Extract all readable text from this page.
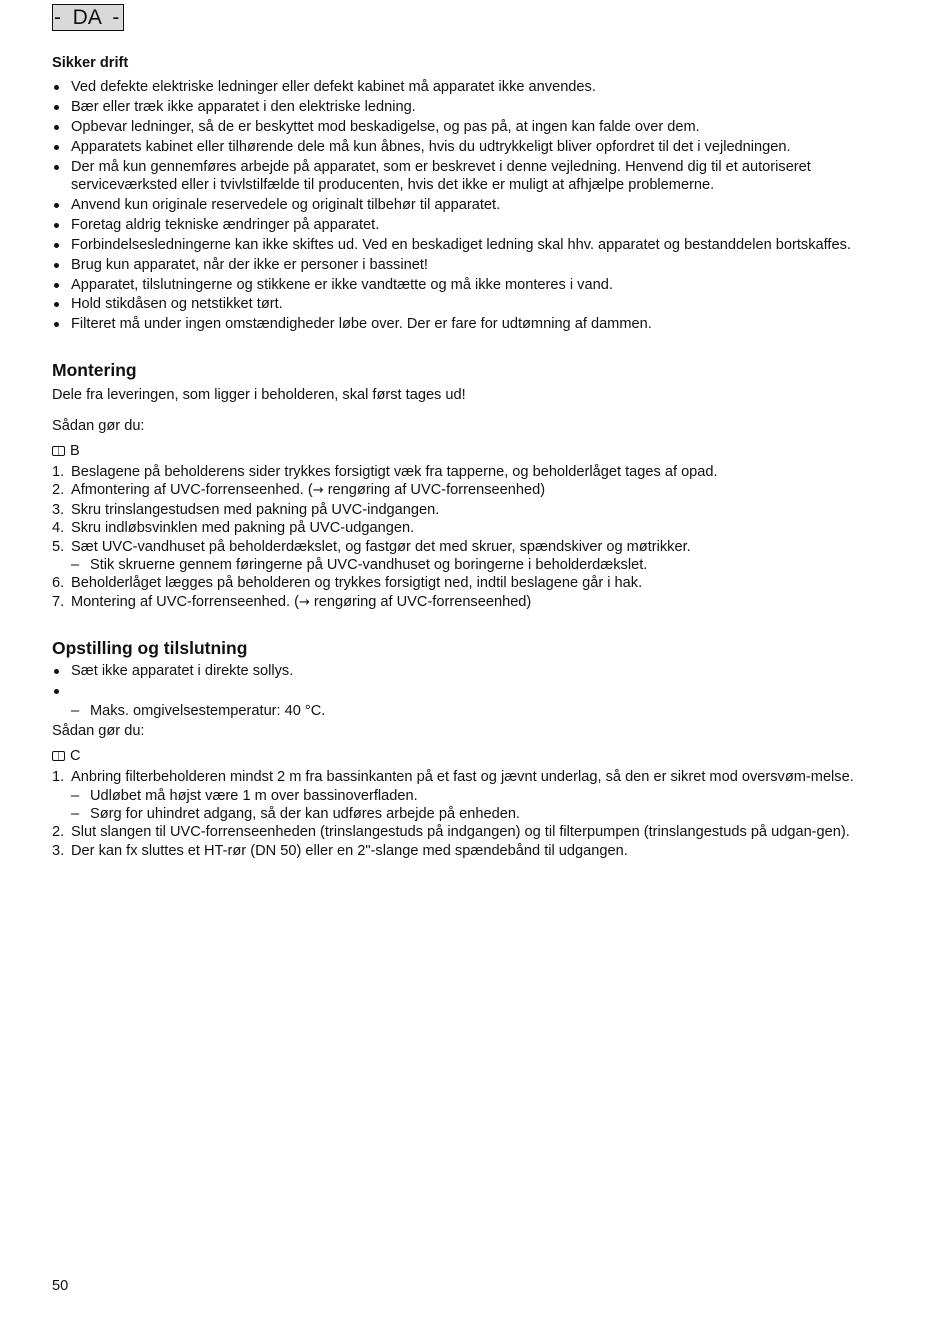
-  DA  -
Sikker drift
Ved defekte elektriske ledninger eller defekt kabinet må apparatet ikke anvendes.
Bær eller træk ikke apparatet i den elektriske ledning.
Opbevar ledninger, så de er beskyttet mod beskadigelse, og pas på, at ingen kan falde over dem.
Apparatets kabinet eller tilhørende dele må kun åbnes, hvis du udtrykkeligt bliver opfordret til det i vejledningen.
Der må kun gennemføres arbejde på apparatet, som er beskrevet i denne vejledning. Henvend dig til et autoriseret serviceværksted eller i tvivlstilfælde til producenten, hvis det ikke er muligt at afhjælpe problemerne.
Anvend kun originale reservedele og originalt tilbehør til apparatet.
Foretag aldrig tekniske ændringer på apparatet.
Forbindelsesledningerne kan ikke skiftes ud. Ved en beskadiget ledning skal hhv. apparatet og bestanddelen bortskaffes.
Brug kun apparatet, når der ikke er personer i bassinet!
Apparatet, tilslutningerne og stikkene er ikke vandtætte og må ikke monteres i vand.
Hold stikdåsen og netstikket tørt.
Filteret må under ingen omstændigheder løbe over. Der er fare for udtømning af dammen.
Montering

Dele fra leveringen, som ligger i beholderen, skal først tages ud!

Sådan gør du:

B
1. Beslagene på beholderens sider trykkes forsigtigt væk fra tapperne, og beholderlåget tages af opad.
2. Afmontering af UVC-forrenseenhed. (→ rengøring af UVC-forrenseenhed)
3. Skru trinslangestudsen med pakning på UVC-indgangen.
4. Skru indløbsvinklen med pakning på UVC-udgangen.
5. Sæt UVC-vandhuset på beholderdækslet, og fastgør det med skruer, spændskiver og møtrikker.
– Stik skruerne gennem føringerne på UVC-vandhuset og boringerne i beholderdækslet.
6. Beholderlåget lægges på beholderen og trykkes forsigtigt ned, indtil beslagene går i hak.
7. Montering af UVC-forrenseenhed. (→ rengøring af UVC-forrenseenhed)
Opstilling og tilslutning
Sæt ikke apparatet i direkte sollys.
– Maks. omgivelsestemperatur: 40 °C.

Sådan gør du:

C
1. Anbring filterbeholderen mindst 2 m fra bassinkanten på et fast og jævnt underlag, så den er sikret mod oversvøm-melse.
– Udløbet må højst være 1 m over bassinoverfladen.
– Sørg for uhindret adgang, så der kan udføres arbejde på enheden.
2. Slut slangen til UVC-forrenseenheden (trinslangestuds på indgangen) og til filterpumpen (trinslangestuds på udgan-gen).
3. Der kan fx sluttes et HT-rør (DN 50) eller en 2"-slange med spændebånd til udgangen.
50
